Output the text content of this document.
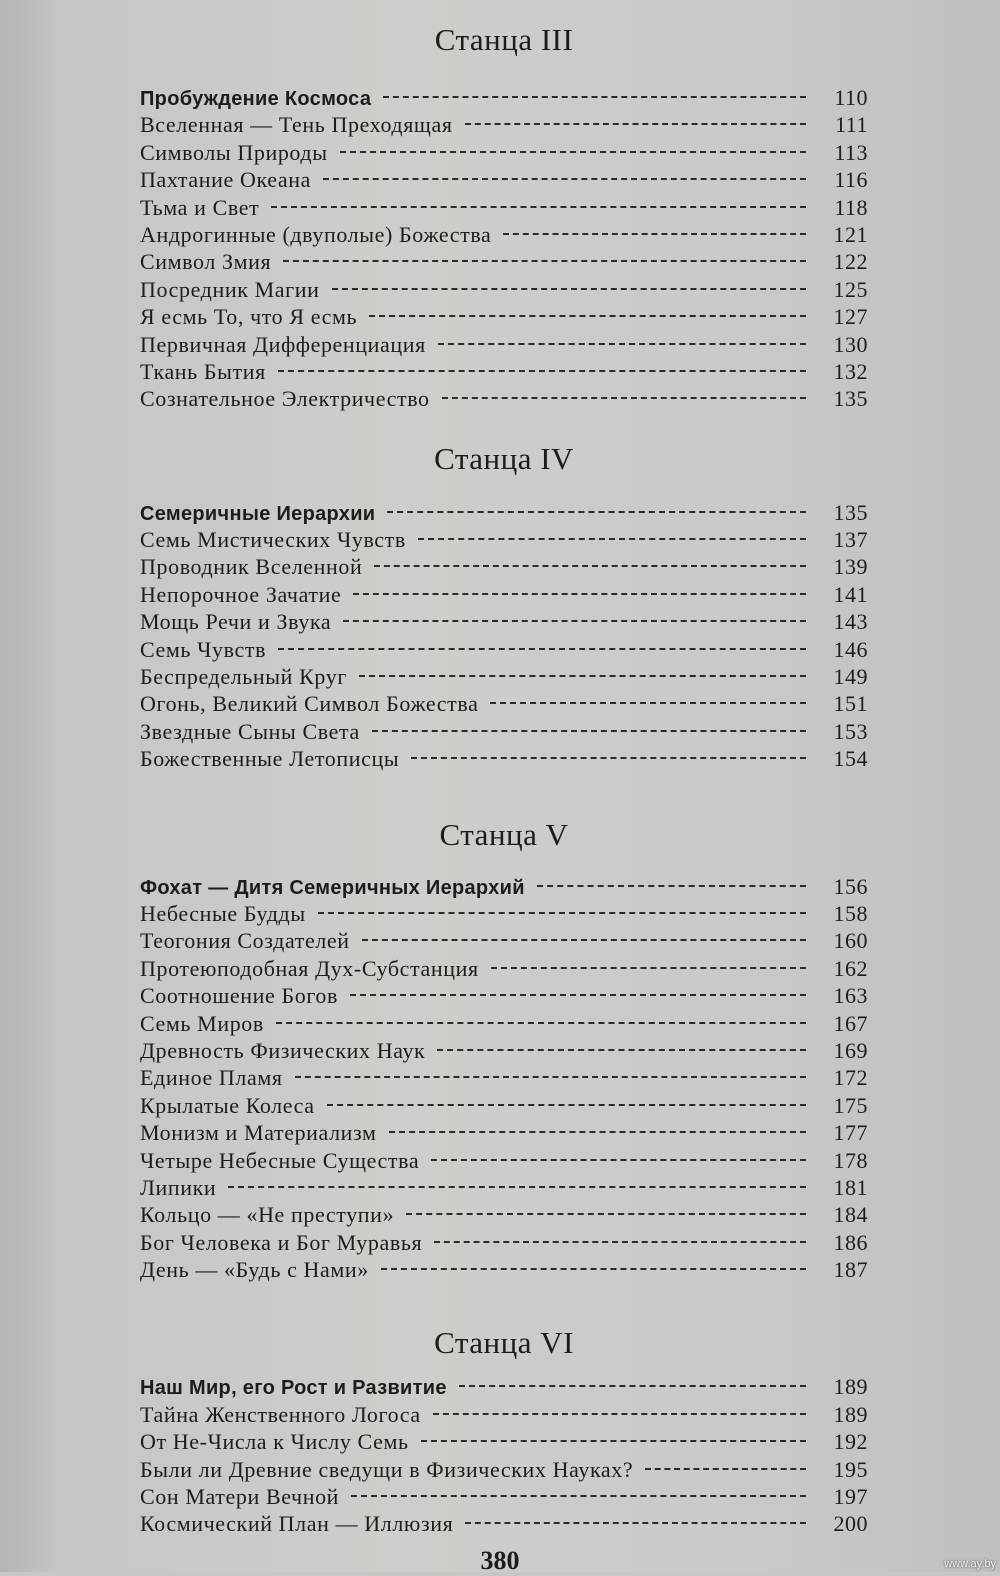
Станца III
Пробуждение Космоса	110
Вселенная — Тень Преходящая	111
Символы Природы	113
Пахтание Океана	116
Тьма и Свет	118
Андрогинные (двуполые) Божества	121
Символ Змия	122
Посредник Магии	125
Я есмь То, что Я есмь	127
Первичная Дифференциация	130
Ткань Бытия	132
Сознательное Электричество	135
Станца IV
Семеричные Иерархии	135
Семь Мистических Чувств	137
Проводник Вселенной	139
Непорочное Зачатие	141
Мощь Речи и Звука	143
Семь Чувств	146
Беспредельный Круг	149
Огонь, Великий Символ Божества	151
Звездные Сыны Света	153
Божественные Летописцы	154
Станца V
Фохат — Дитя Семеричных Иерархий	156
Небесные Будды	158
Теогония Создателей	160
Протеюподобная Дух-Субстанция	162
Соотношение Богов	163
Семь Миров	167
Древность Физических Наук	169
Единое Пламя	172
Крылатые Колеса	175
Монизм и Материализм	177
Четыре Небесные Существа	178
Липики	181
Кольцо — «Не преступи»	184
Бог Человека и Бог Муравья	186
День — «Будь с Нами»	187
Станца VI
Наш Мир, его Рост и Развитие	189
Тайна Женственного Логоса	189
От Не-Числа к Числу Семь	192
Были ли Древние сведущи в Физических Науках?	195
Сон Матери Вечной	197
Космический План — Иллюзия	200
380	www.ay.by
